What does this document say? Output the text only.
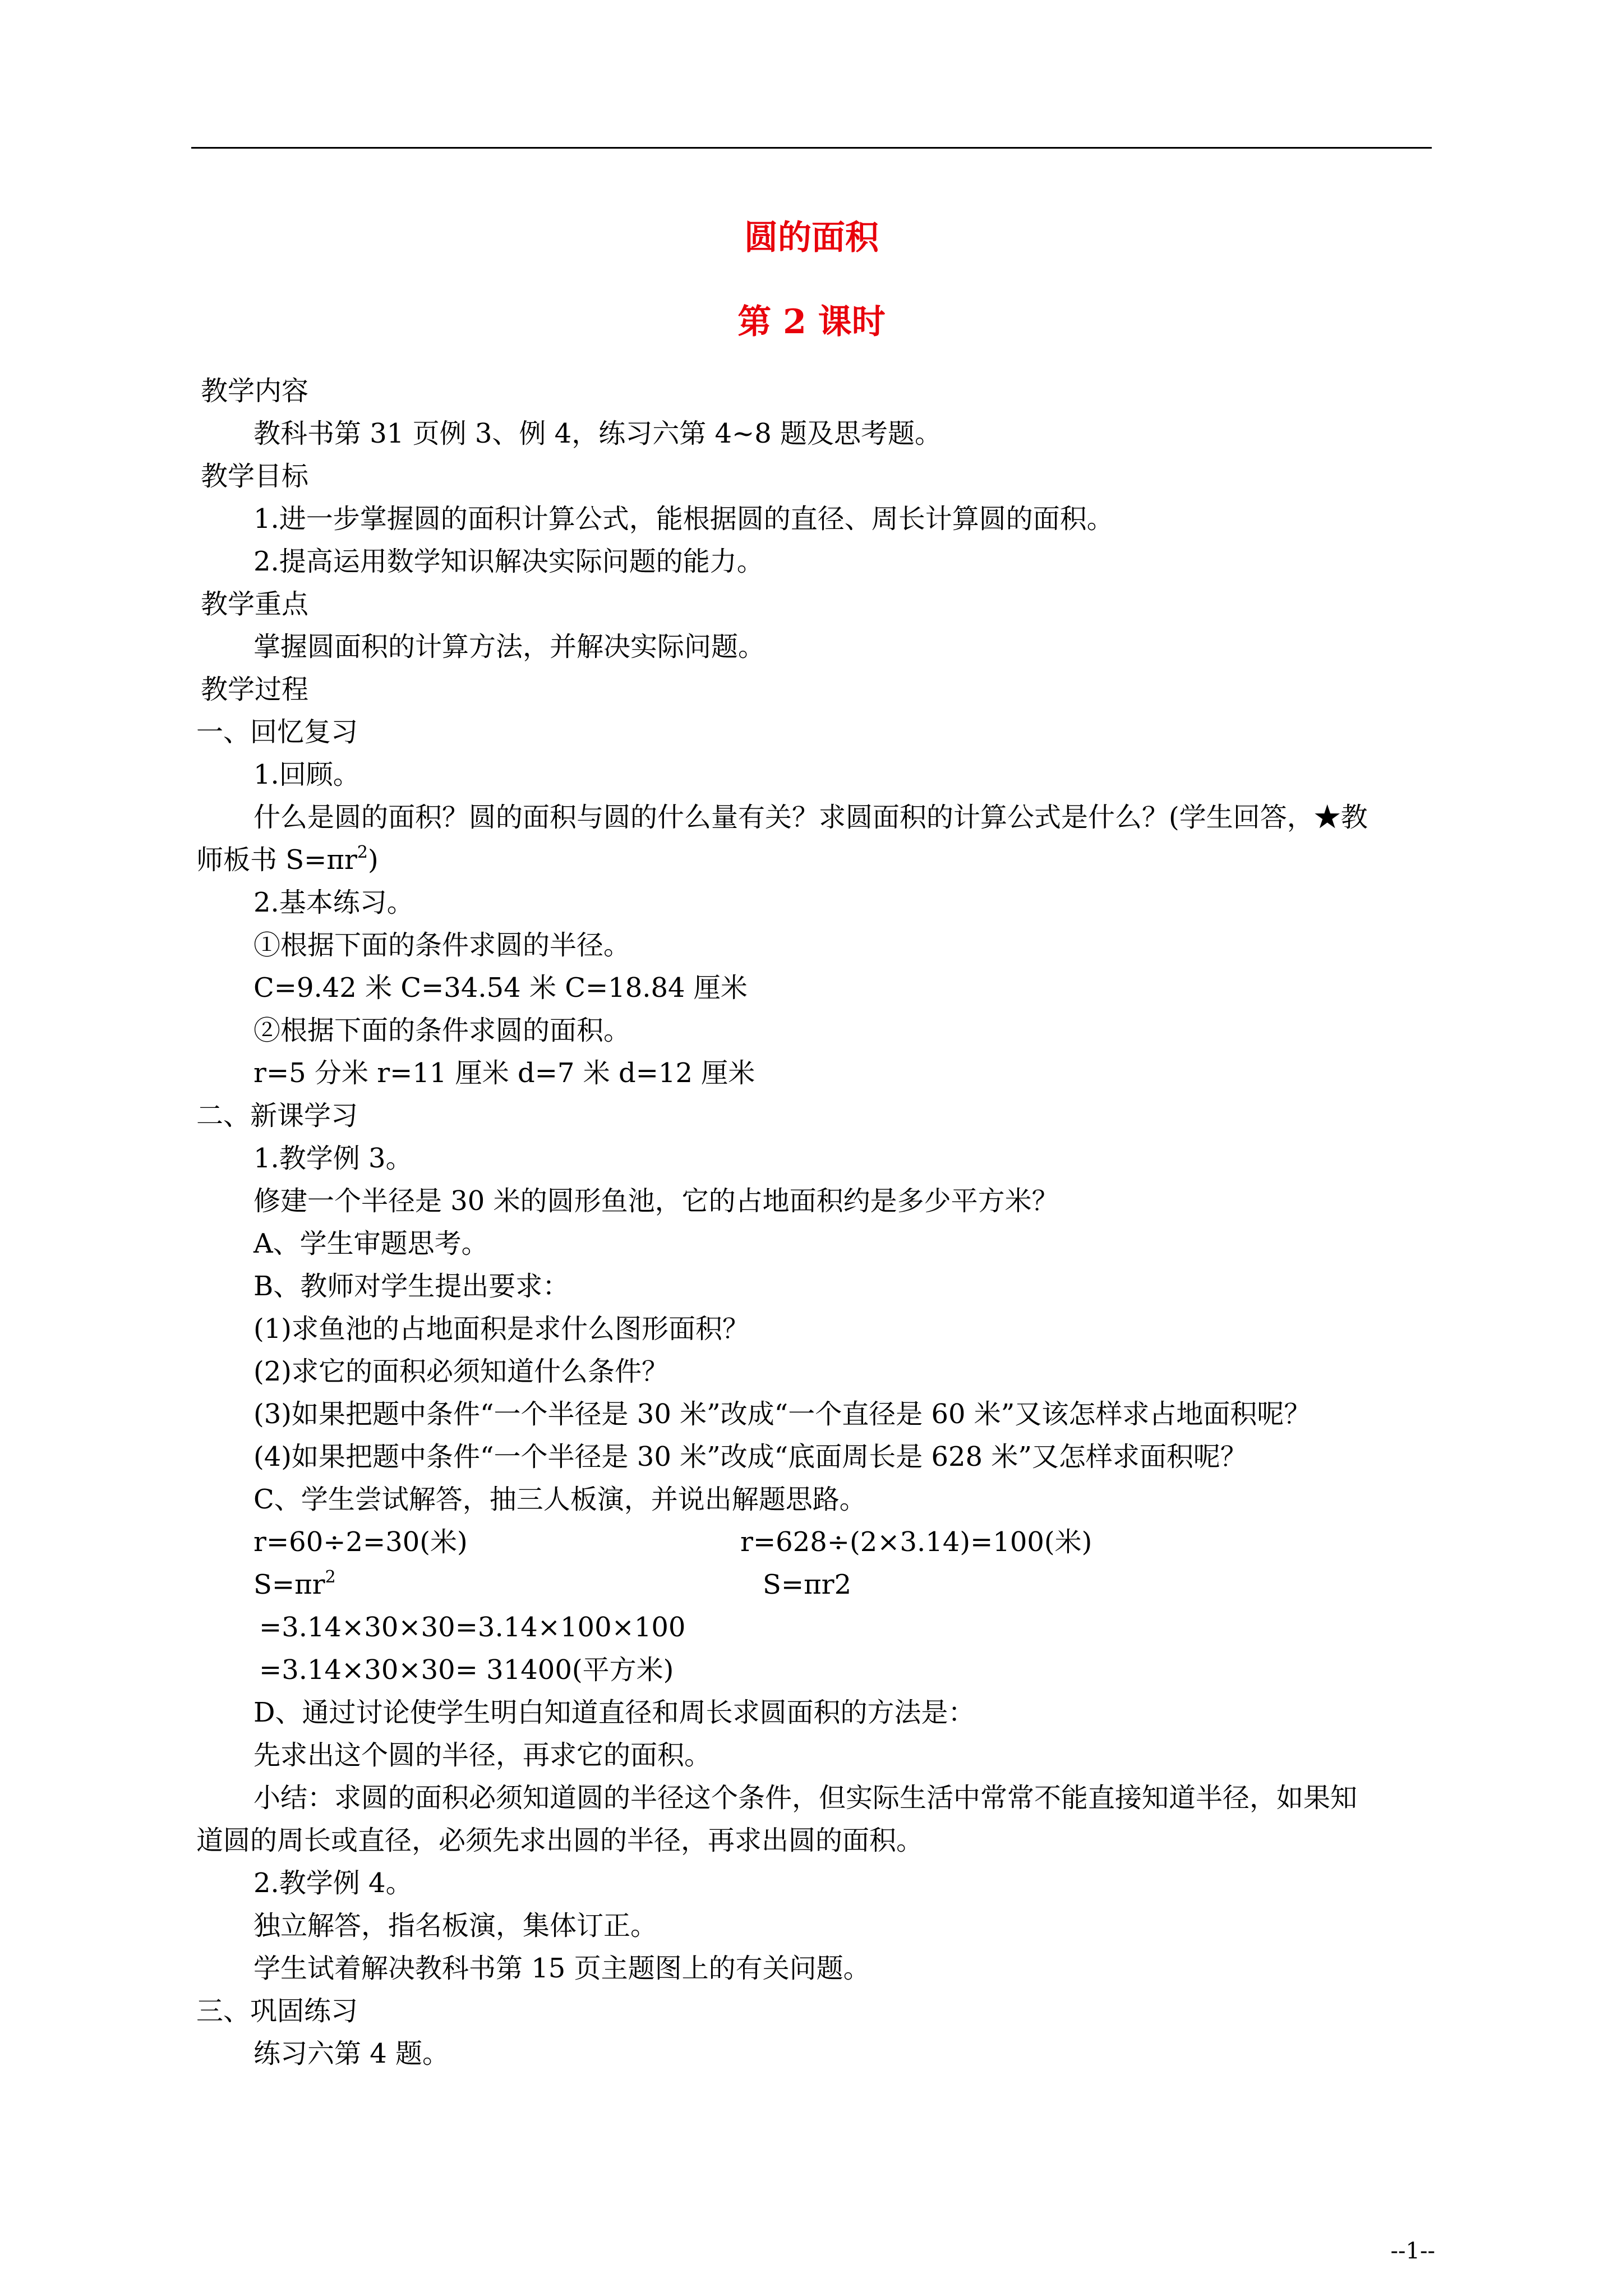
圆的面积
第 2 课时
教学内容
教科书第 31 页例 3、例 4，练习六第 4~8 题及思考题。
教学目标
1.进一步掌握圆的面积计算公式，能根据圆的直径、周长计算圆的面积。
2.提高运用数学知识解决实际问题的能力。
教学重点
掌握圆面积的计算方法，并解决实际问题。
教学过程
一、回忆复习
1.回顾。
什么是圆的面积？圆的面积与圆的什么量有关？求圆面积的计算公式是什么？(学生回答，★教
师板书 $S=\pi r^2$)
2.基本练习。
①根据下面的条件求圆的半径。
C=9.42 米 C=34.54 米 C=18.84 厘米
②根据下面的条件求圆的面积。
r=5 分米 r=11 厘米 d=7 米 d=12 厘米
二、新课学习
1.教学例 3。
修建一个半径是 30 米的圆形鱼池，它的占地面积约是多少平方米？
A、学生审题思考。
B、教师对学生提出要求：
(1)求鱼池的占地面积是求什么图形面积？
(2)求它的面积必须知道什么条件？
(3)如果把题中条件“一个半径是 30 米”改成“一个直径是 60 米”又该怎样求占地面积呢？
(4)如果把题中条件“一个半径是 30 米”改成“底面周长是 628 米”又怎样求面积呢？
C、学生尝试解答，抽三人板演，并说出解题思路。
r=60÷2=30(米)	r=628÷(2×3.14)=100(米)
$S=\pi r^2$	S=πr2
=3.14×30×30=3.14×100×100
=3.14×30×30= 31400(平方米)
D、通过讨论使学生明白知道直径和周长求圆面积的方法是：
先求出这个圆的半径，再求它的面积。
小结：求圆的面积必须知道圆的半径这个条件，但实际生活中常常不能直接知道半径，如果知
道圆的周长或直径，必须先求出圆的半径，再求出圆的面积。
2.教学例 4。
独立解答，指名板演，集体订正。
学生试着解决教科书第 15 页主题图上的有关问题。
三、巩固练习
练习六第 4 题。
--1--
